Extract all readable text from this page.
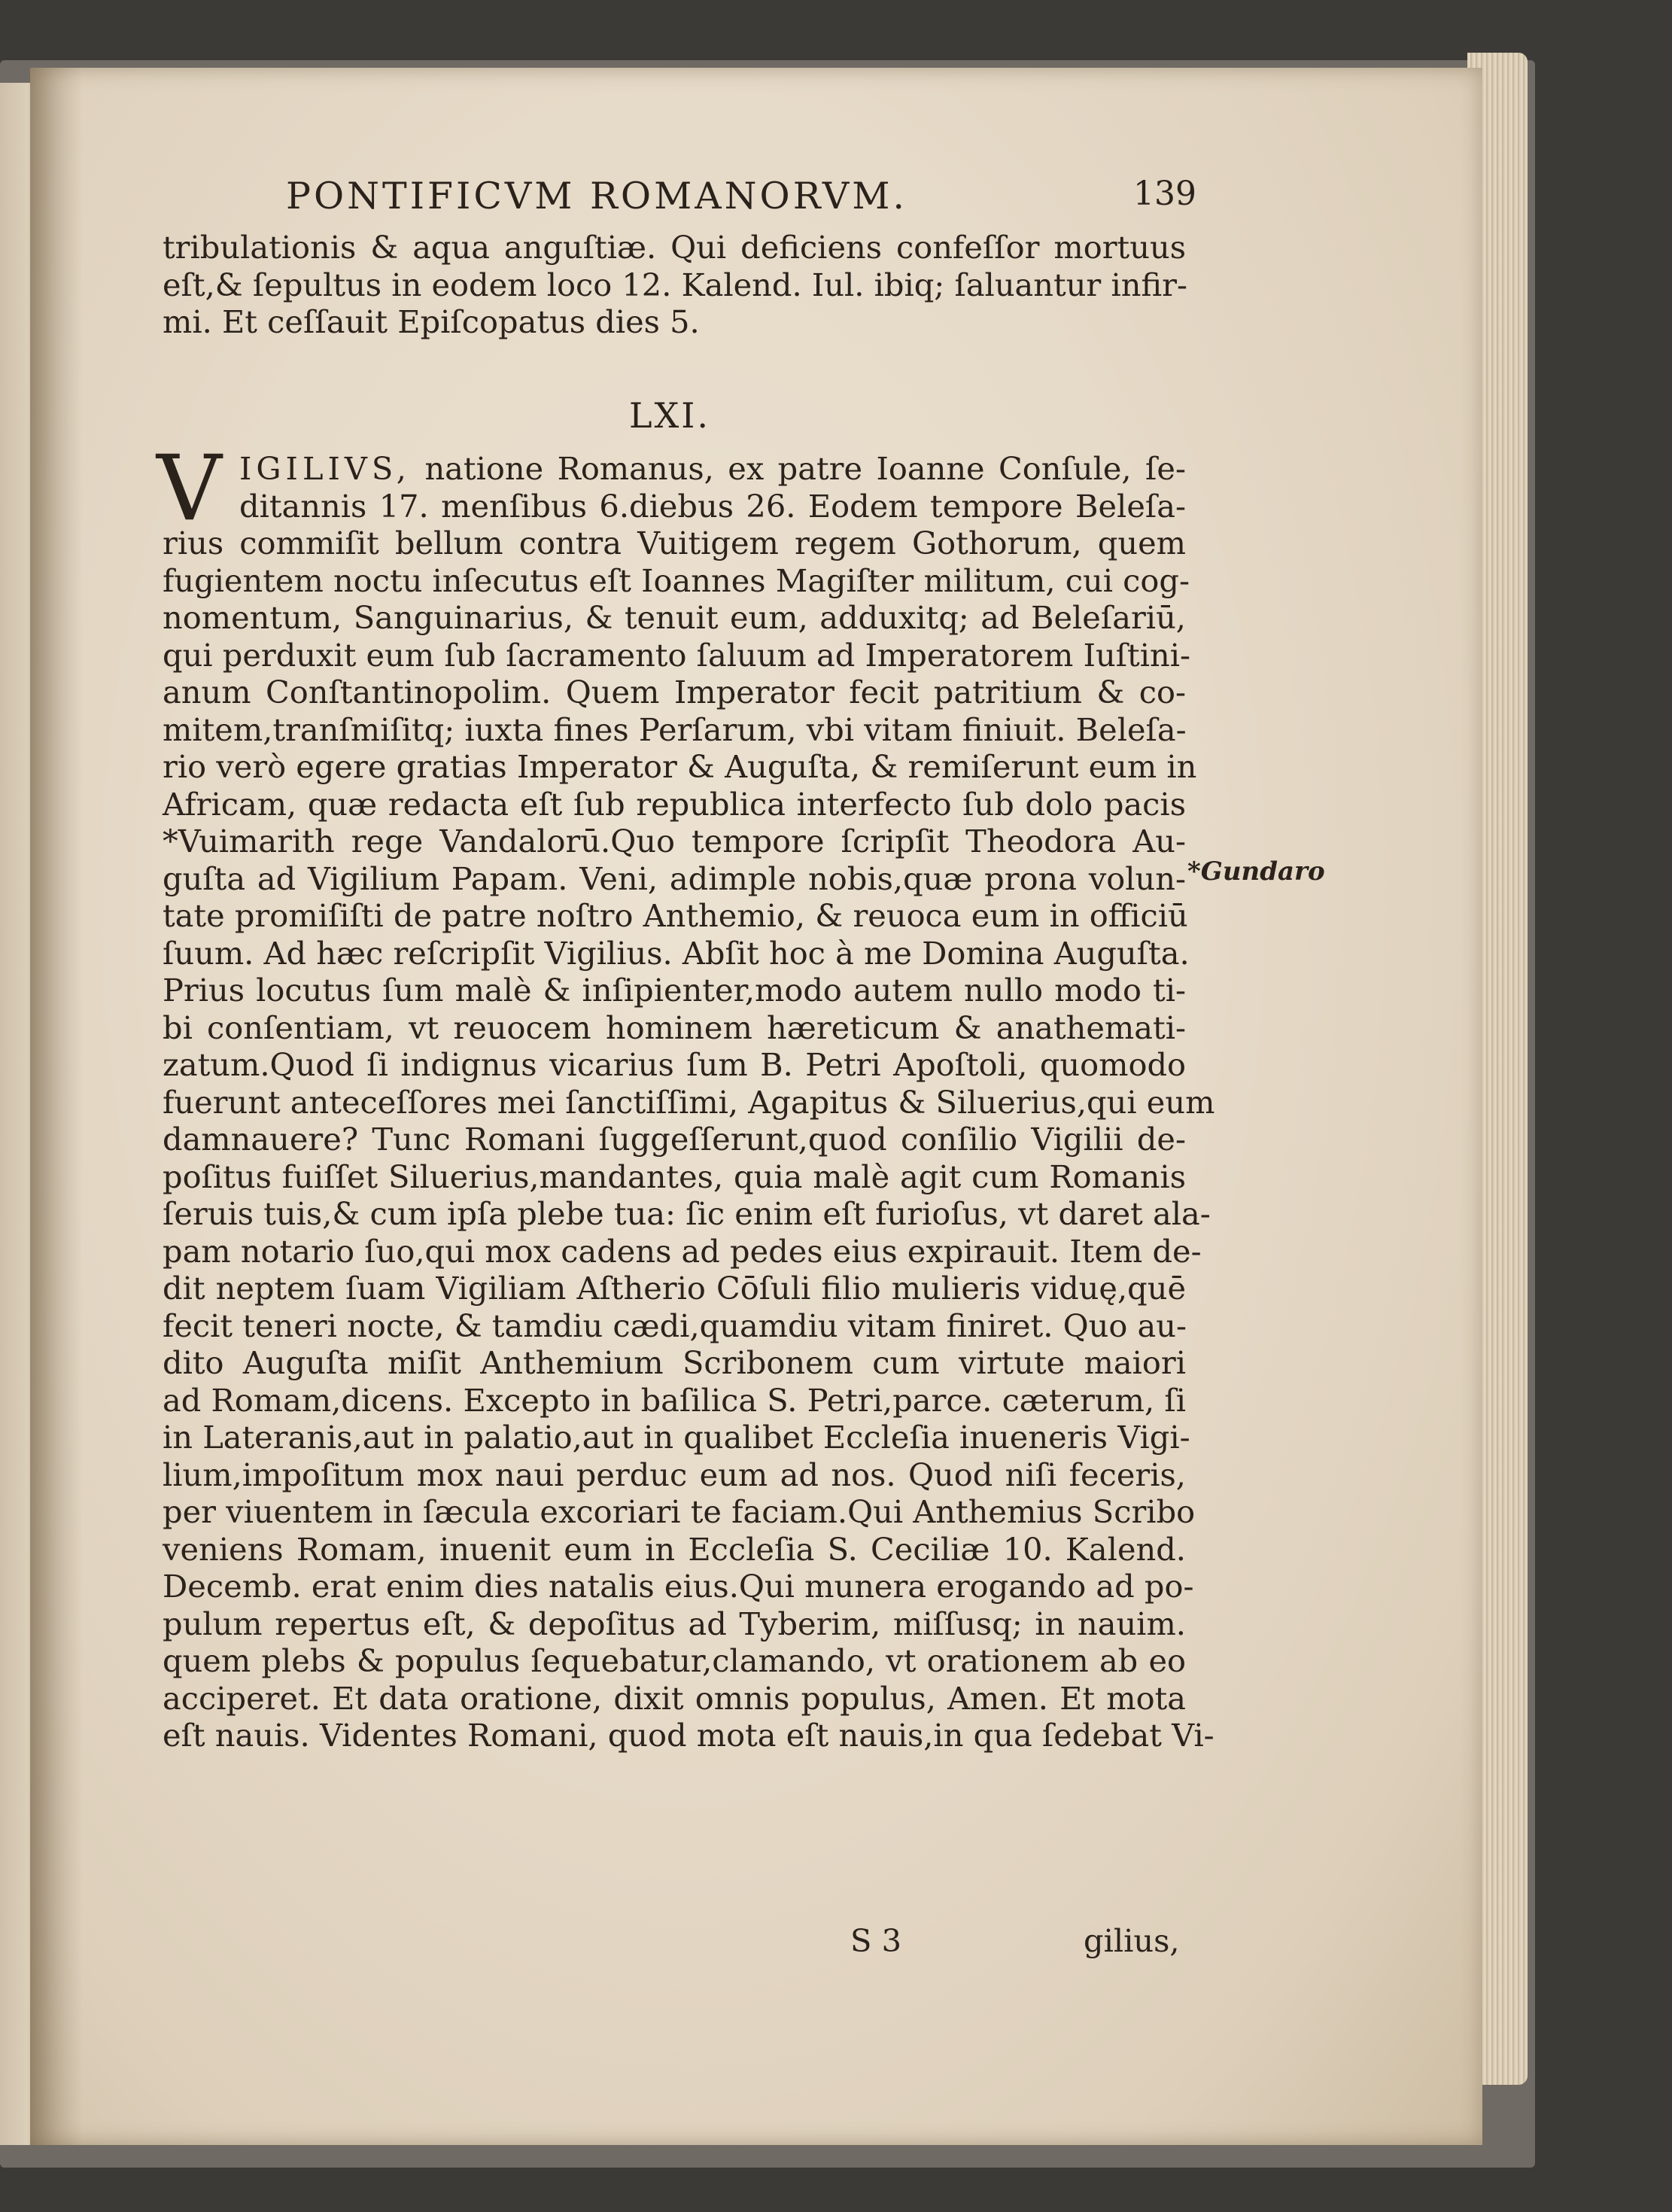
PONTIFICVM ROMANORVM.	139
tribulationis & aqua anguſtiæ. Qui deficiens confeſſor mortuus
eſt,& ſepultus in eodem loco 12. Kalend. Iul. ibiq; ſaluantur infir-
mi. Et ceſſauit Epiſcopatus dies 5.
LXI.
V IGILIVS, natione Romanus, ex patre Ioanne Conſule, ſe-
ditannis 17. menſibus 6.diebus 26. Eodem tempore Beleſa-
rius commiſit bellum contra Vuitigem regem Gothorum, quem
fugientem noctu inſecutus eſt Ioannes Magiſter militum, cui cog-
nomentum, Sanguinarius, & tenuit eum, adduxitq; ad Beleſariū,
qui perduxit eum ſub ſacramento ſaluum ad Imperatorem Iuſtini-
anum Conſtantinopolim. Quem Imperator fecit patritium & co-
mitem,tranſmiſitq; iuxta fines Perſarum, vbi vitam finiuit. Beleſa-
rio verò egere gratias Imperator & Auguſta, & remiſerunt eum in
Africam, quæ redacta eſt ſub republica interfecto ſub dolo pacis
*Vuimarith rege Vandalorū.Quo tempore ſcripſit Theodora Au-
guſta ad Vigilium Papam. Veni, adimple nobis,quæ prona volun-
tate promiſiſti de patre noſtro Anthemio, & reuoca eum in officiū
ſuum. Ad hæc reſcripſit Vigilius. Abſit hoc à me Domina Auguſta.
Prius locutus ſum malè & inſipienter,modo autem nullo modo ti-
bi conſentiam, vt reuocem hominem hæreticum & anathemati-
zatum.Quod ſi indignus vicarius ſum B. Petri Apoſtoli, quomodo
fuerunt anteceſſores mei ſanctiſſimi, Agapitus & Siluerius,qui eum
damnauere? Tunc Romani ſuggeſſerunt,quod conſilio Vigilii de-
poſitus fuiſſet Siluerius,mandantes, quia malè agit cum Romanis
ſeruis tuis,& cum ipſa plebe tua: ſic enim eſt furioſus, vt daret ala-
pam notario ſuo,qui mox cadens ad pedes eius expirauit. Item de-
dit neptem ſuam Vigiliam Aſtherio Cōſuli filio mulieris viduę,quē
fecit teneri nocte, & tamdiu cædi,quamdiu vitam finiret. Quo au-
dito Auguſta miſit Anthemium Scribonem cum virtute maiori
ad Romam,dicens. Excepto in baſilica S. Petri,parce. cæterum, ſi
in Lateranis,aut in palatio,aut in qualibet Eccleſia inueneris Vigi-
lium,impoſitum mox naui perduc eum ad nos. Quod niſi feceris,
per viuentem in ſæcula excoriari te faciam.Qui Anthemius Scribo
veniens Romam, inuenit eum in Eccleſia S. Ceciliæ 10. Kalend.
Decemb. erat enim dies natalis eius.Qui munera erogando ad po-
pulum repertus eſt, & depoſitus ad Tyberim, miſſusq; in nauim.
quem plebs & populus ſequebatur,clamando, vt orationem ab eo
acciperet. Et data oratione, dixit omnis populus, Amen. Et mota
eſt nauis. Videntes Romani, quod mota eſt nauis,in qua ſedebat Vi-
*Gundaro
S 3	gilius,
